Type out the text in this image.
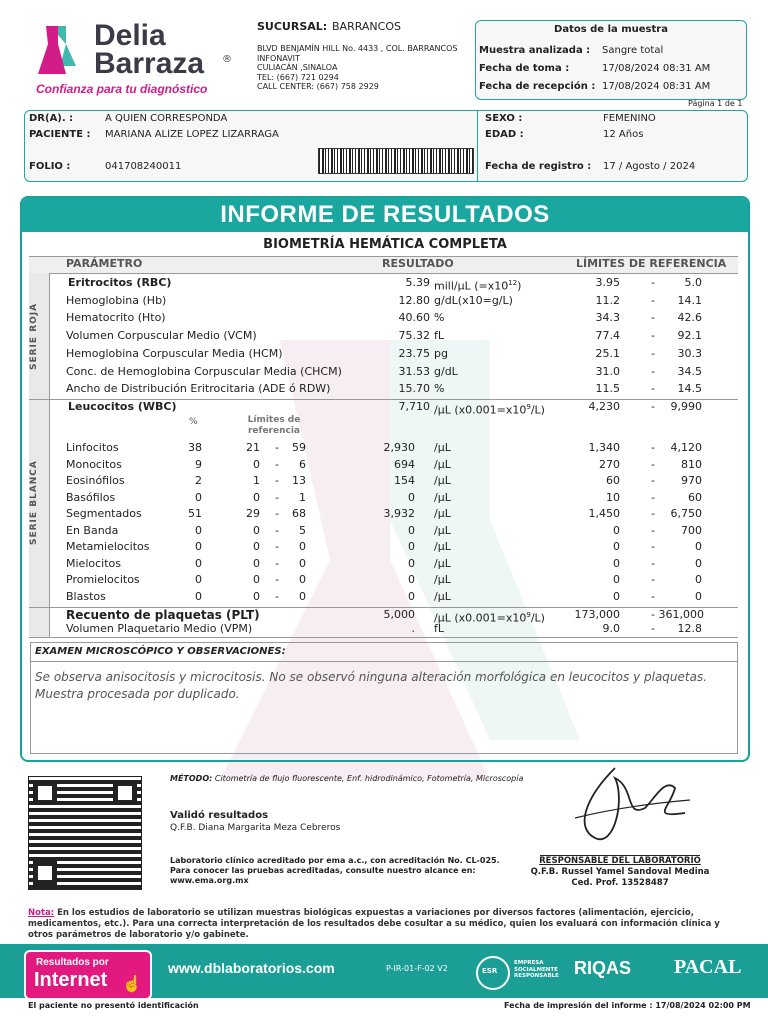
Delia
Barraza ®
Confianza para tu diagnóstico
SUCURSAL: BARRANCOS
BLVD BENJAMÍN HILL No. 4433 , COL. BARRANCOS
INFONAVIT
CULIACÁN ,SINALOA
TEL: (667) 721 0294
CALL CENTER: (667) 758 2929
Datos de la muestra
Muestra analizada : Sangre total
Fecha de toma :	17/08/2024 08:31 AM
Fecha de recepción : 17/08/2024 08:31 AM
Página 1 de 1
DR(A). :	A QUIEN CORRESPONDA
PACIENTE : MARIANA ALIZE LOPEZ LIZARRAGA
FOLIO :	041708240011
SEXO :	FEMENINO
EDAD :	12 Años
Fecha de registro : 17 / Agosto / 2024
INFORME DE RESULTADOS
BIOMETRÍA HEMÁTICA COMPLETA
PARÁMETRO	RESULTADO	LÍMITES DE REFERENCIA
SERIE ROJA
SERIE BLANCA
Eritrocitos (RBC)	5.39 mill/µL $(=x10^{12})$	3.95	-	5.0
Hemoglobina (Hb)	12.80 g/dL(x10=g/L)	11.2	-	14.1
Hematocrito (Hto)	40.60 %	34.3	-	42.6
Volumen Corpuscular Medio (VCM)	75.32 fL	77.4	-	92.1
Hemoglobina Corpuscular Media (HCM)	23.75 pg	25.1	-	30.3
Conc. de Hemoglobina Corpuscular Media (CHCM)	31.53 g/dL	31.0	-	34.5
Ancho de Distribución Eritrocitaria (ADE ó RDW)	15.70 %	11.5	-	14.5
Leucocitos (WBC)	7,710 /µL $(x0.001=x10^9/L)$	4,230	-	9,990
%	Límites de
referencia
Linfocitos	38	21 -	59	2,930 /µL	1,340	-	4,120
Monocitos	9	0 -	6	694 /µL	270	-	810
Eosinófilos	2	1 -	13	154 /µL	60	-	970
Basófilos	0	0 -	1	0 /µL	10	-	60
Segmentados	51	29 -	68	3,932 /µL	1,450	-	6,750
En Banda	0	0 -	5	0 /µL	0	-	700
Metamielocitos	0	0 -	0	0 /µL	0	-	0
Mielocitos	0	0 -	0	0 /µL	0	-	0
Promielocitos	0	0 -	0	0 /µL	0	-	0
Blastos	0	0 -	0	0 /µL	0	-	0
Recuento de plaquetas (PLT)	5,000 /µL $(x0.001=x10^9/L)$	173,000	- 361,000
Volumen Plaquetario Medio (VPM)	. fL	9.0	-	12.8
EXAMEN MICROSCÓPICO Y OBSERVACIONES:
Se observa anisocitosis y microcitosis. No se observó ninguna alteración morfológica en leucocitos y plaquetas.
Muestra procesada por duplicado.
MÉTODO: Citometría de flujo fluorescente, Enf. hidrodinámico, Fotometría, Microscopía
Validó resultados
Q.F.B. Diana Margarita Meza Cebreros
Laboratorio clínico acreditado por ema a.c., con acreditación No. CL-025.
Para conocer las pruebas acreditadas, consulte nuestro alcance en:
www.ema.org.mx
RESPONSABLE DEL LABORATORIO
Q.F.B. Russel Yamel Sandoval Medina
Ced. Prof. 13528487
Nota: En los estudios de laboratorio se utilizan muestras biológicas expuestas a variaciones por diversos factores (alimentación, ejercicio, medicamentos, etc.). Para una correcta interpretación de los resultados debe cosultar a su médico, quien los evaluará con información clínica y otros parámetros de laboratorio y/o gabinete.
Resultados por
Internet ☝
www.dblaboratorios.com	P-IR-01-F-02 V2	ESR
EMPRESA
SOCIALMENTE
RESPONSABLE RIQAS PACAL
El paciente no presentó identificación	Fecha de impresión del informe : 17/08/2024 02:00 PM
